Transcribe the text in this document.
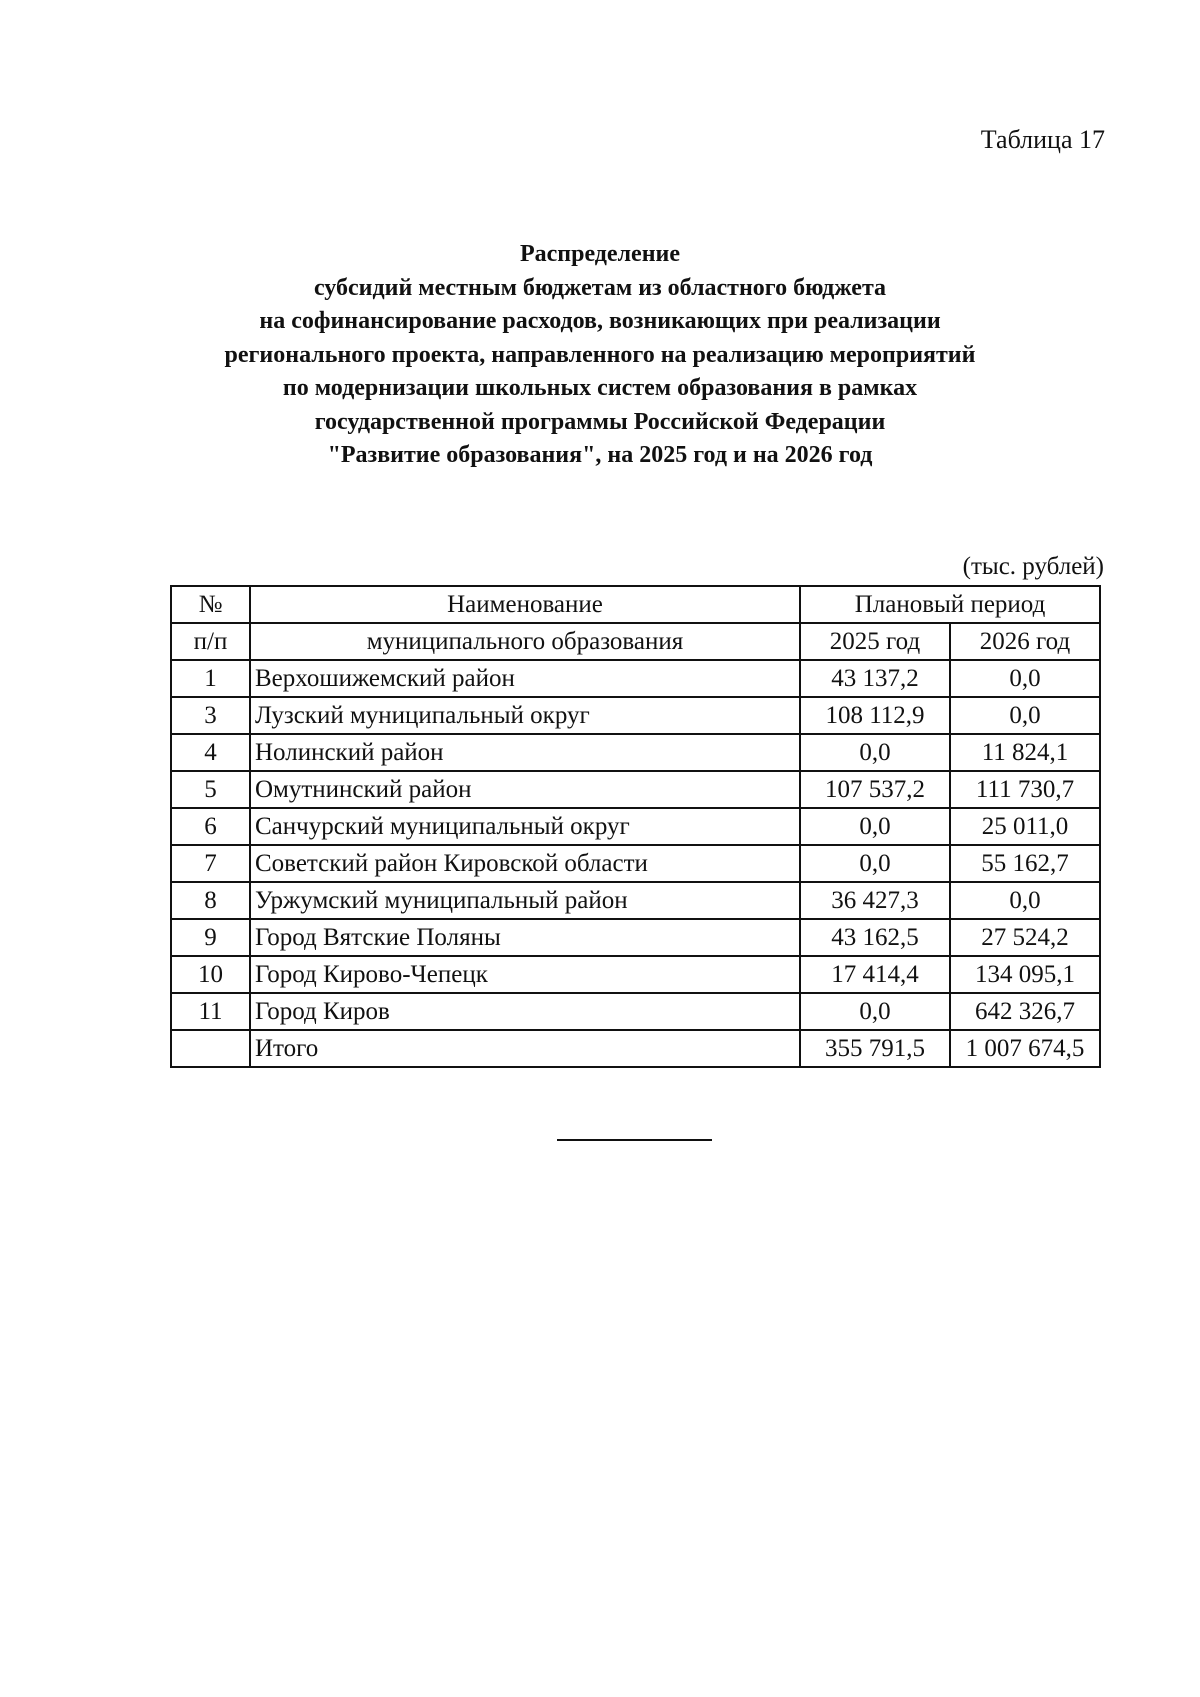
Таблица 17
Распределение
субсидий местным бюджетам из областного бюджета
на софинансирование расходов, возникающих при реализации
регионального проекта, направленного на реализацию мероприятий
по модернизации школьных систем образования в рамках
государственной программы Российской Федерации
"Развитие образования", на 2025 год и на 2026 год
(тыс. рублей)
№	Наименование	Плановый период	
п/п	муниципального образования	2025 год	2026 год
1	Верхошижемский район	43 137,2	0,0
3	Лузский муниципальный округ	108 112,9	0,0
4	Нолинский район	0,0	11 824,1
5	Омутнинский район	107 537,2	111 730,7
6	Санчурский муниципальный округ	0,0	25 011,0
7	Советский район Кировской области	0,0	55 162,7
8	Уржумский муниципальный район	36 427,3	0,0
9	Город Вятские Поляны	43 162,5	27 524,2
10	Город Кирово-Чепецк	17 414,4	134 095,1
11	Город Киров	0,0	642 326,7
	Итого	355 791,5	1 007 674,5
